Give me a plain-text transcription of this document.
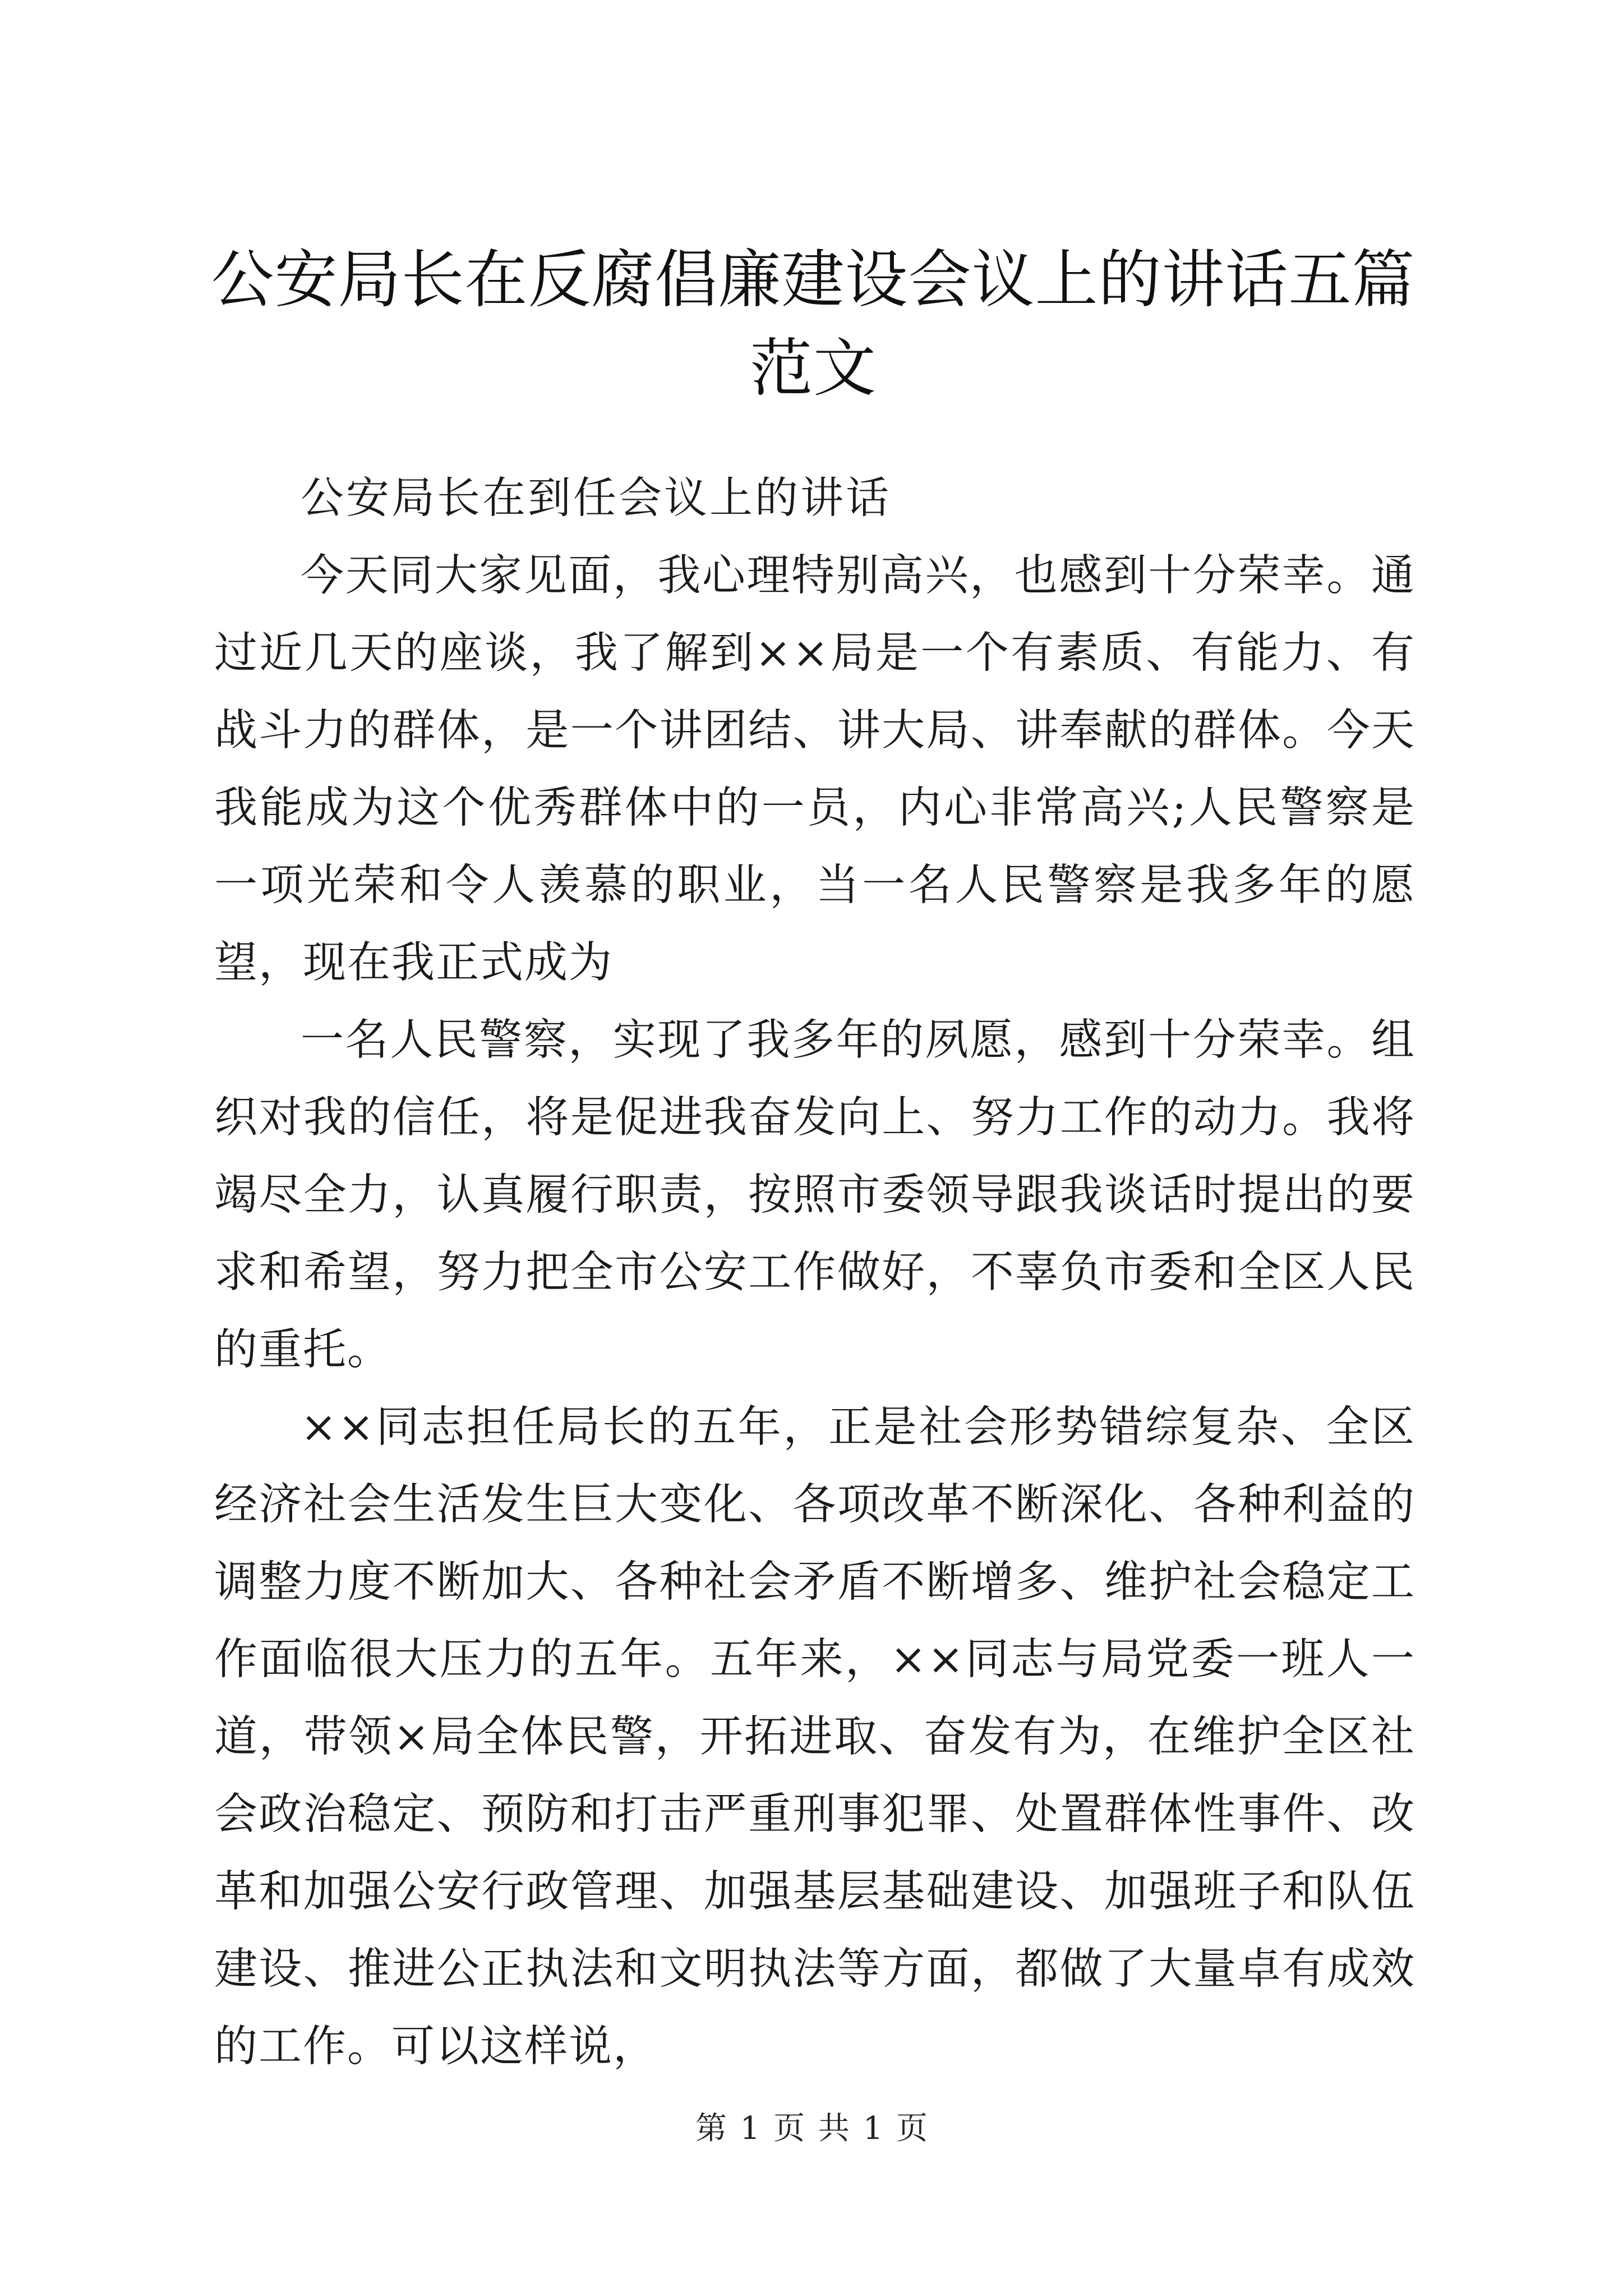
公安局长在反腐倡廉建设会议上的讲话五篇范文

公安局长在到任会议上的讲话

今天同大家见面，我心理特别高兴，也感到十分荣幸。通过近几天的座谈，我了解到××局是一个有素质、有能力、有战斗力的群体，是一个讲团结、讲大局、讲奉献的群体。今天我能成为这个优秀群体中的一员，内心非常高兴;人民警察是一项光荣和令人羡慕的职业，当一名人民警察是我多年的愿望，现在我正式成为

一名人民警察，实现了我多年的夙愿，感到十分荣幸。组织对我的信任，将是促进我奋发向上、努力工作的动力。我将竭尽全力，认真履行职责，按照市委领导跟我谈话时提出的要求和希望，努力把全市公安工作做好，不辜负市委和全区人民的重托。

××同志担任局长的五年，正是社会形势错综复杂、全区经济社会生活发生巨大变化、各项改革不断深化、各种利益的调整力度不断加大、各种社会矛盾不断增多、维护社会稳定工作面临很大压力的五年。五年来，××同志与局党委一班人一道，带领×局全体民警，开拓进取、奋发有为，在维护全区社会政治稳定、预防和打击严重刑事犯罪、处置群体性事件、改革和加强公安行政管理、加强基层基础建设、加强班子和队伍建设、推进公正执法和文明执法等方面，都做了大量卓有成效的工作。可以这样说，

第 1 页 共 1 页
